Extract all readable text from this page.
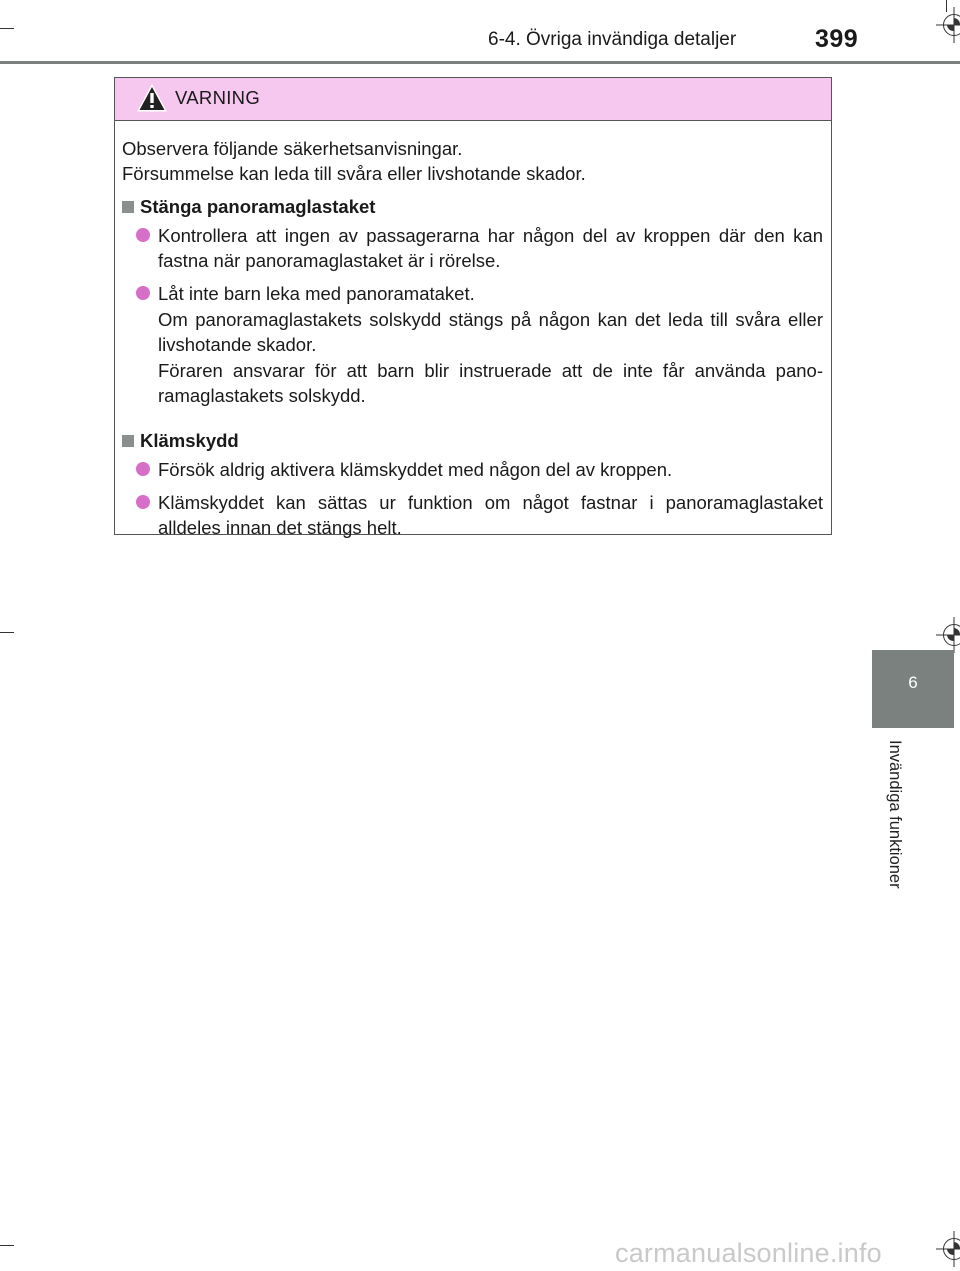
6-4. Övriga invändiga detaljer	399
6
Invändiga funktioner
VARNING
Observera följande säkerhetsanvisningar.
Försummelse kan leda till svåra eller livshotande skador.
Stänga panoramaglastaket

Kontrollera att ingen av passagerarna har någon del av kroppen där den kan fastna när panoramaglastaket är i rörelse.

Låt inte barn leka med panoramataket.

Om panoramaglastakets solskydd stängs på någon kan det leda till svåra eller livshotande skador.

Föraren ansvarar för att barn blir instruerade att de inte får använda pano-ramaglastakets solskydd.

Klämskydd

Försök aldrig aktivera klämskyddet med någon del av kroppen.

Klämskyddet kan sättas ur funktion om något fastnar i panoramaglastaket alldeles innan det stängs helt.

carmanualsonline.info
